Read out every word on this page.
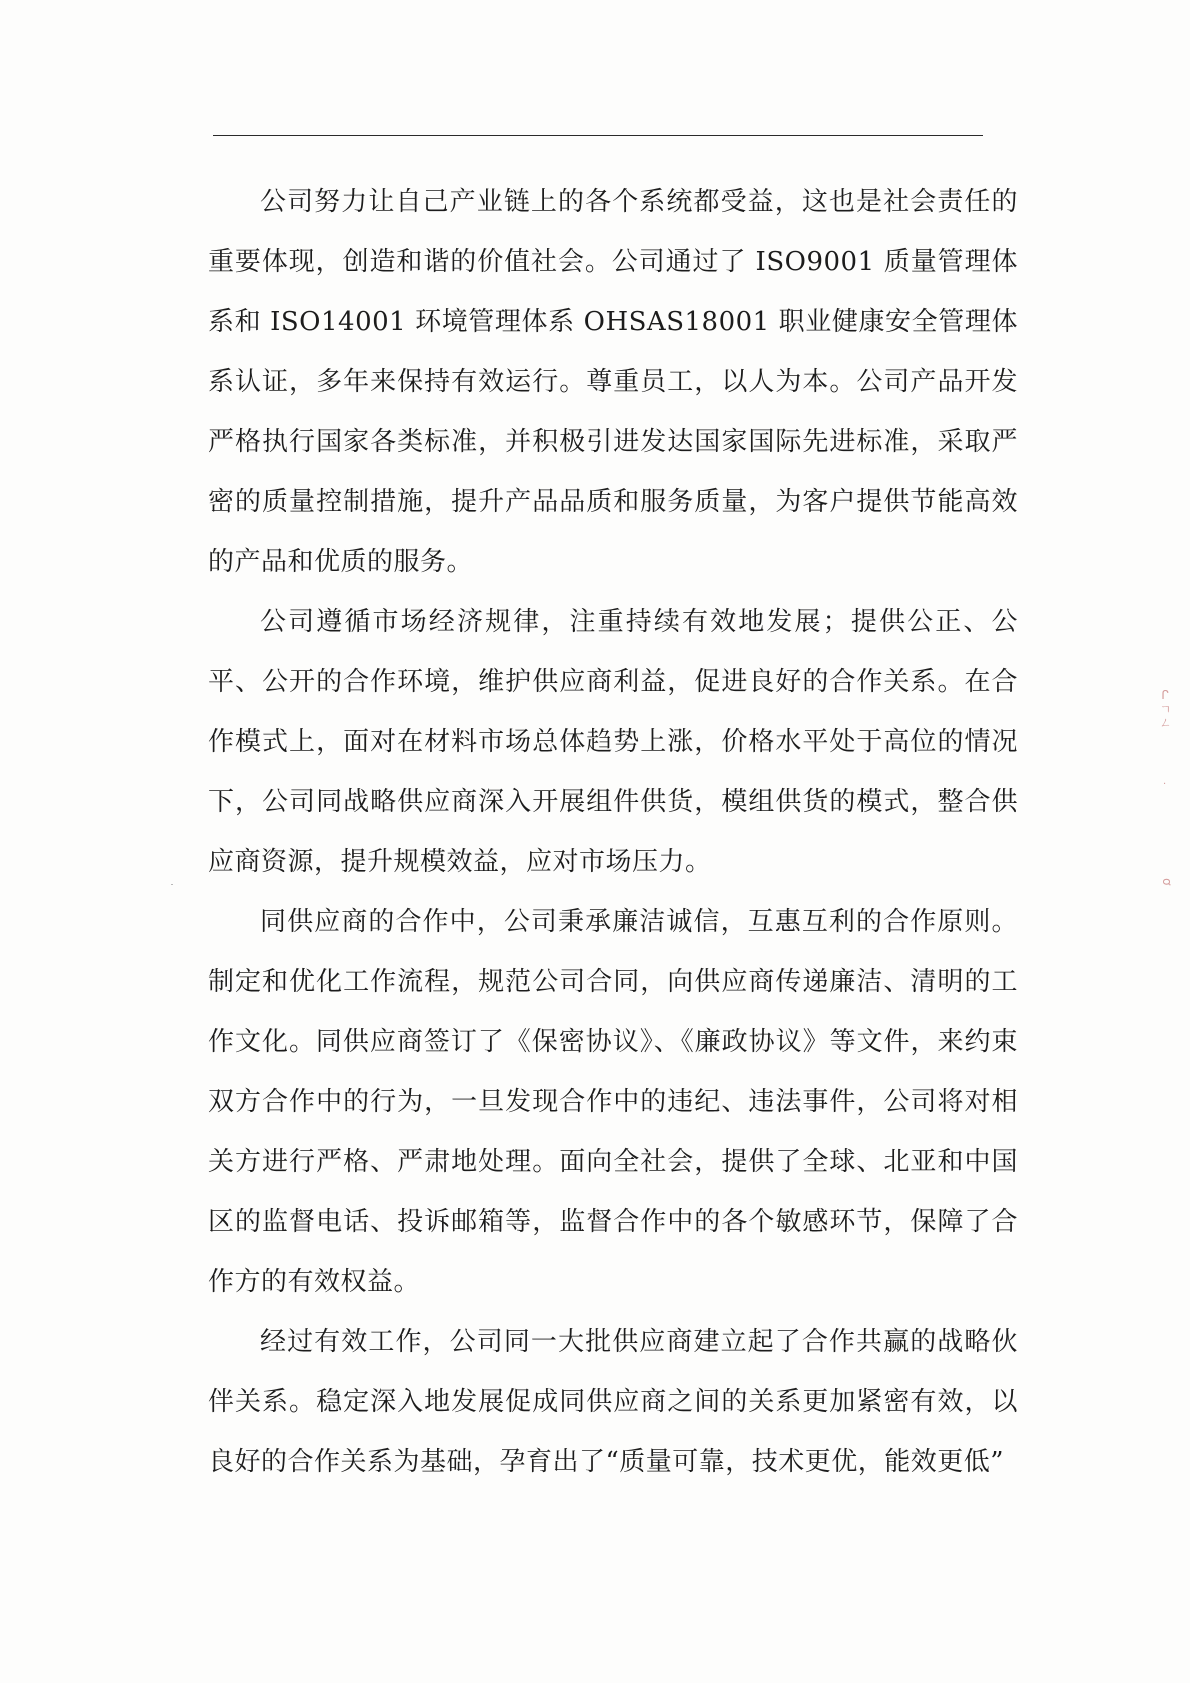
公司努力让自己产业链上的各个系统都受益，这也是社会责任的重要体现，创造和谐的价值社会。公司通过了 ISO9001 质量管理体系和 ISO14001 环境管理体系 OHSAS18001 职业健康安全管理体系认证，多年来保持有效运行。尊重员工，以人为本。公司产品开发严格执行国家各类标准，并积极引进发达国家国际先进标准，采取严密的质量控制措施，提升产品品质和服务质量，为客户提供节能高效的产品和优质的服务。

公司遵循市场经济规律，注重持续有效地发展；提供公正、公平、公开的合作环境，维护供应商利益，促进良好的合作关系。在合作模式上，面对在材料市场总体趋势上涨，价格水平处于高位的情况下，公司同战略供应商深入开展组件供货，模组供货的模式，整合供应商资源，提升规模效益，应对市场压力。

同供应商的合作中，公司秉承廉洁诚信，互惠互利的合作原则。制定和优化工作流程，规范公司合同，向供应商传递廉洁、清明的工作文化。同供应商签订了《保密协议》、《廉政协议》等文件，来约束双方合作中的行为，一旦发现合作中的违纪、违法事件，公司将对相关方进行严格、严肃地处理。面向全社会，提供了全球、北亚和中国区的监督电话、投诉邮箱等，监督合作中的各个敏感环节，保障了合作方的有效权益。

经过有效工作，公司同一大批供应商建立起了合作共赢的战略伙伴关系。稳定深入地发展促成同供应商之间的关系更加紧密有效，以良好的合作关系为基础，孕育出了“质量可靠，技术更优，能效更低”

ᒋㄱㄥ
·
ơ
